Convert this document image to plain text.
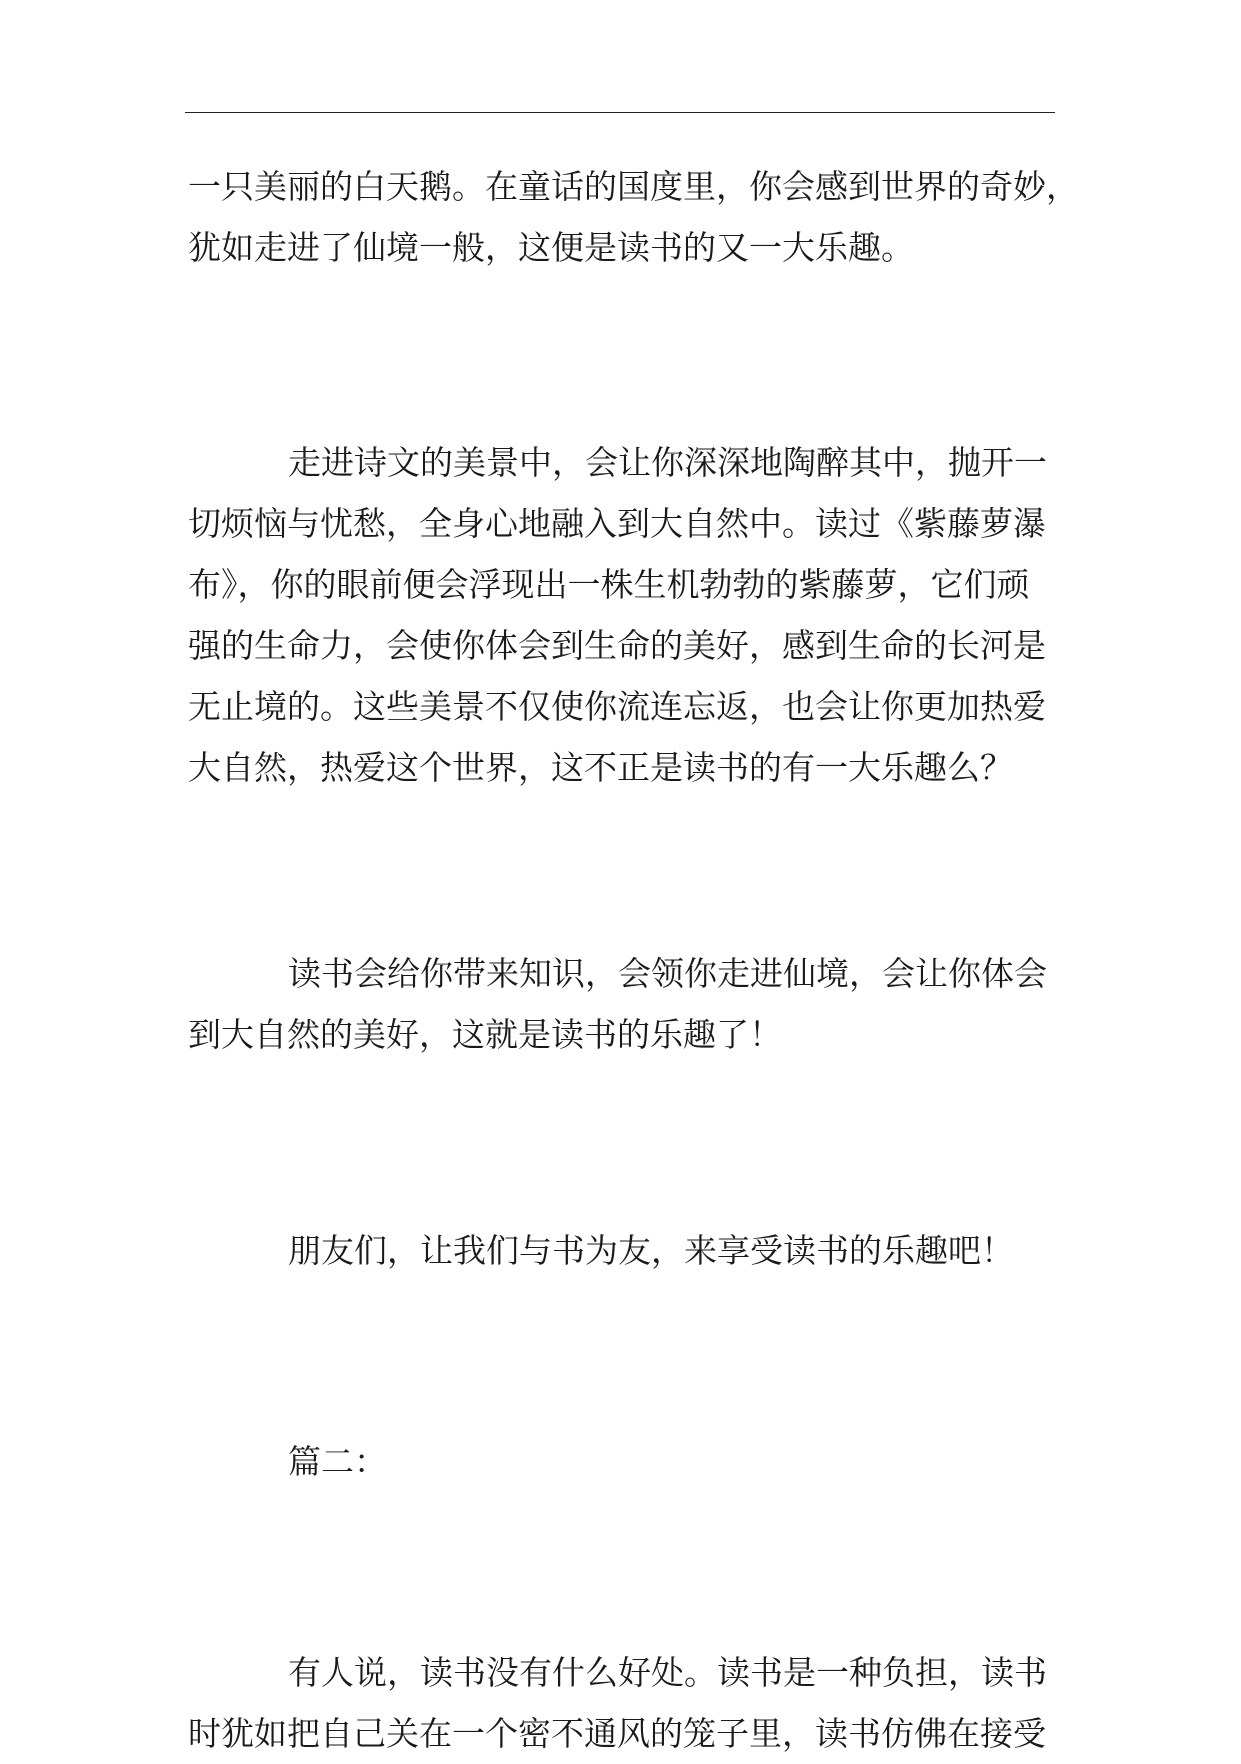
一只美丽的白天鹅。在童话的国度里，你会感到世界的奇妙，
犹如走进了仙境一般，这便是读书的又一大乐趣。
走进诗文的美景中，会让你深深地陶醉其中，抛开一
切烦恼与忧愁，全身心地融入到大自然中。读过《紫藤萝瀑
布》，你的眼前便会浮现出一株生机勃勃的紫藤萝，它们顽
强的生命力，会使你体会到生命的美好，感到生命的长河是
无止境的。这些美景不仅使你流连忘返，也会让你更加热爱
大自然，热爱这个世界，这不正是读书的有一大乐趣么？
读书会给你带来知识，会领你走进仙境，会让你体会
到大自然的美好，这就是读书的乐趣了！
朋友们，让我们与书为友，来享受读书的乐趣吧！
篇二：
有人说，读书没有什么好处。读书是一种负担，读书
时犹如把自己关在一个密不通风的笼子里，读书仿佛在接受
